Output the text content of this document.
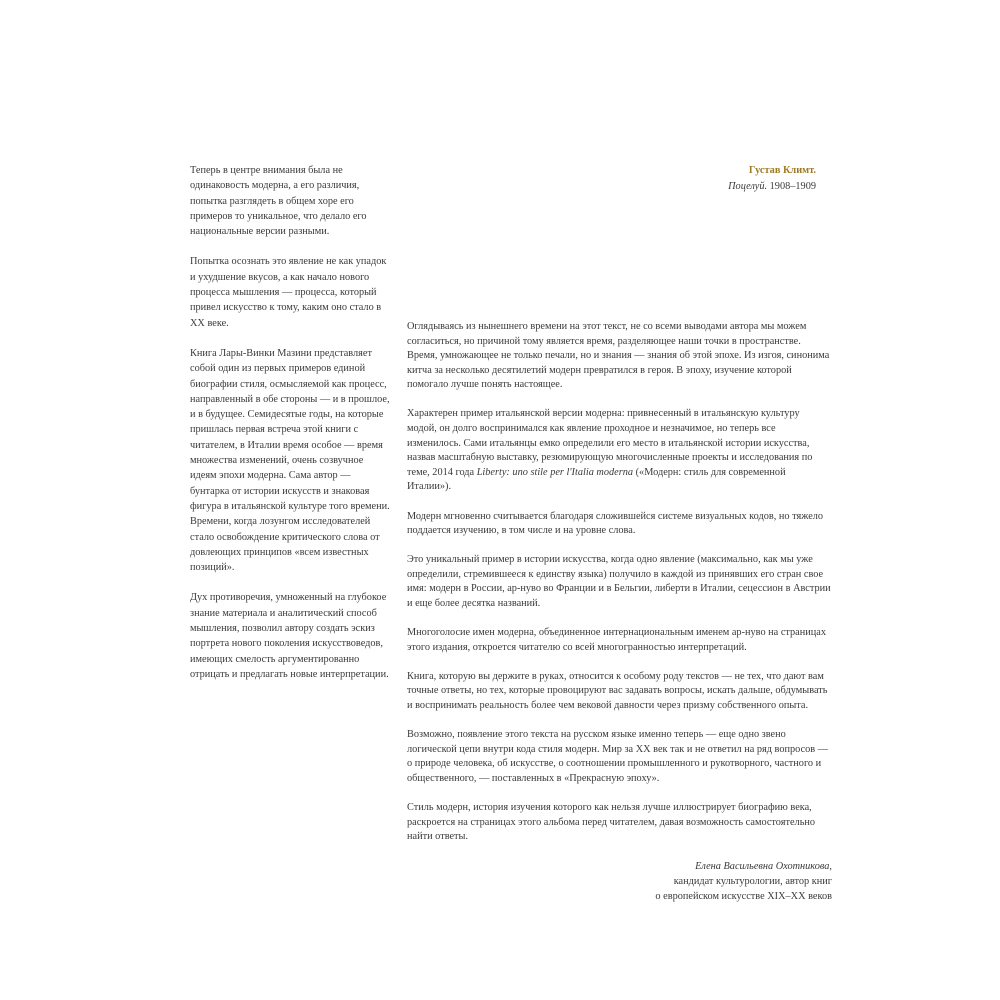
Густав Климт.
Поцелуй. 1908–1909

Теперь в центре внимания была не одинаковость модерна, а его различия, попытка разглядеть в общем хоре его примеров то уникальное, что делало его национальные версии разными.

Попытка осознать это явление не как упадок и ухудшение вкусов, а как начало нового процесса мышления — процесса, который привел искусство к тому, каким оно стало в XX веке.

Книга Лары-Винки Мазини представляет собой один из первых примеров единой биографии стиля, осмысляемой как процесс, направленный в обе стороны — и в прошлое, и в будущее. Семидесятые годы, на которые пришлась первая встреча этой книги с читателем, в Италии время особое — время множества изменений, очень созвучное идеям эпохи модерна. Сама автор — бунтарка от истории искусств и знаковая фигура в итальянской культуре того времени. Времени, когда лозунгом исследователей стало освобождение критического слова от довлеющих принципов «всем известных позиций».

Дух противоречия, умноженный на глубокое знание материала и аналитический способ мышления, позволил автору создать эскиз портрета нового поколения искусствоведов, имеющих смелость аргументированно отрицать и предлагать новые интерпретации.

Оглядываясь из нынешнего времени на этот текст, не со всеми выводами автора мы можем согласиться, но причиной тому является время, разделяющее наши точки в пространстве. Время, умножающее не только печали, но и знания — знания об этой эпохе. Из изгоя, синонима китча за несколько десятилетий модерн превратился в героя. В эпоху, изучение которой помогало лучше понять настоящее.

Характерен пример итальянской версии модерна: привнесенный в итальянскую культуру модой, он долго воспринимался как явление проходное и незначимое, но теперь все изменилось. Сами итальянцы емко определили его место в итальянской истории искусства, назвав масштабную выставку, резюмирующую многочисленные проекты и исследования по теме, 2014 года Liberty: uno stile per l'Italia moderna («Модерн: стиль для современной Италии»).

Модерн мгновенно считывается благодаря сложившейся системе визуальных кодов, но тяжело поддается изучению, в том числе и на уровне слова.

Это уникальный пример в истории искусства, когда одно явление (максимально, как мы уже определили, стремившееся к единству языка) получило в каждой из принявших его стран свое имя: модерн в России, ар-нуво во Франции и в Бельгии, либерти в Италии, сецессион в Австрии и еще более десятка названий.

Многоголосие имен модерна, объединенное интернациональным именем ар-нуво на страницах этого издания, откроется читателю со всей многогранностью интерпретаций.

Книга, которую вы держите в руках, относится к особому роду текстов — не тех, что дают вам точные ответы, но тех, которые провоцируют вас задавать вопросы, искать дальше, обдумывать и воспринимать реальность более чем вековой давности через призму собственного опыта.

Возможно, появление этого текста на русском языке именно теперь — еще одно звено логической цепи внутри кода стиля модерн. Мир за XX век так и не ответил на ряд вопросов — о природе человека, об искусстве, о соотношении промышленного и рукотворного, частного и общественного, — поставленных в «Прекрасную эпоху».

Стиль модерн, история изучения которого как нельзя лучше иллюстрирует биографию века, раскроется на страницах этого альбома перед читателем, давая возможность самостоятельно найти ответы.

Елена Васильевна Охотникова,
кандидат культурологии, автор книг
о европейском искусстве XIX–XX веков
